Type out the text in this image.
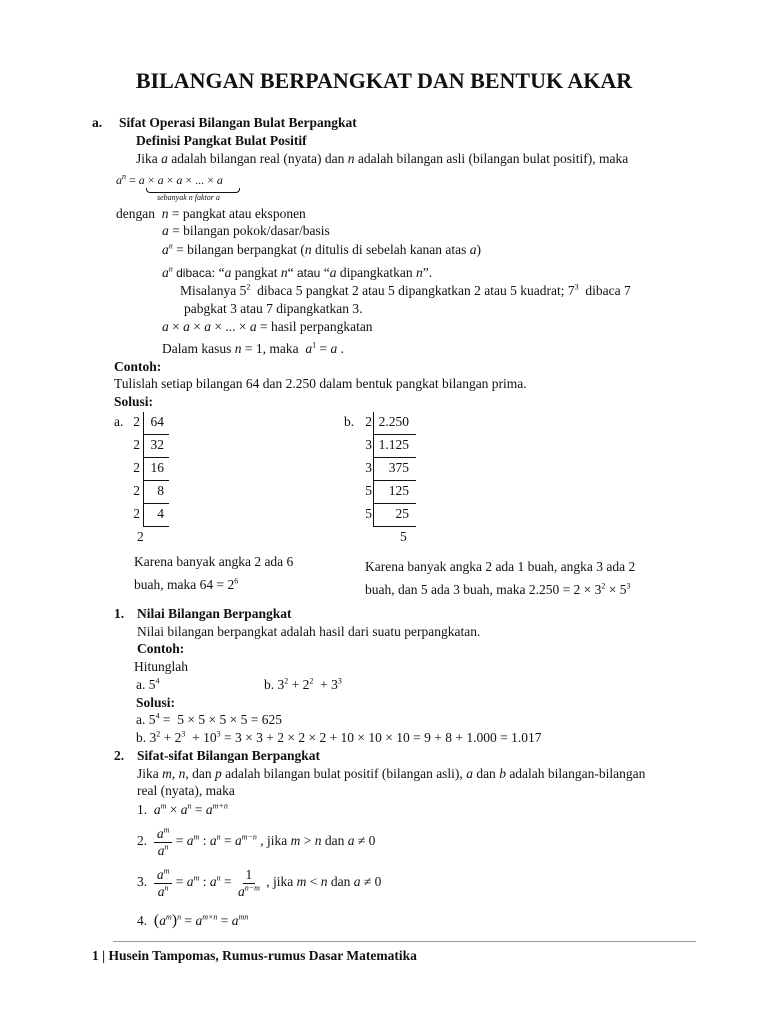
BILANGAN BERPANGKAT DAN BENTUK AKAR
a. Sifat Operasi Bilangan Bulat Berpangkat
Definisi Pangkat Bulat Positif
Jika a adalah bilangan real (nyata) dan n adalah bilangan asli (bilangan bulat positif), maka
$a^n = a \times a \times a$ × ... × a
sebanyak n faktor a
dengan  n = pangkat atau eksponen
a = bilangan pokok/dasar/basis
$a^n$ = bilangan berpangkat (n ditulis di sebelah kanan atas a)
$a^n$ dibaca: “a pangkat n“ atau “a dipangkatkan n”.
Misalanya $5^2$  dibaca 5 pangkat 2 atau 5 dipangkatkan 2 atau 5 kuadrat; $7^3$  dibaca 7
pabgkat 3 atau 7 dipangkatkan 3.
a × a × a × ... × a = hasil perpangkatan
Dalam kasus n = 1, maka  $a^1 = a$ .
Contoh:
Tulislah setiap bilangan 64 dan 2.250 dalam bentuk pangkat bilangan prima.
Solusi:
a. 2 64
2 32
2 16
2	8
2	4
2
Karena banyak angka 2 ada 6
buah, maka $64 = 2^6$
b. 2 2.250
3 1.125
3	375
5	125
5	25
5
Karena banyak angka 2 ada 1 buah, angka 3 ada 2
buah, dan 5 ada 3 buah, maka $2.250 = 2 \times 3^2 \times 5^3$
1. Nilai Bilangan Berpangkat
Nilai bilangan berpangkat adalah hasil dari suatu perpangkatan.
Contoh:
Hitunglah
a. $5^4$	b. $3^2 + 2^2 + 3^3$
Solusi:
a. $5^4 = 5 \times 5 \times 5 \times 5 = 625$
b. $3^2 + 2^3 + 10^3 = 3 \times 3 + 2 \times 2 \times 2 + 10 \times 10 \times 10 = 9 + 8 + 1.000 = 1.017$
2. Sifat-sifat Bilangan Berpangkat
Jika m, n, dan p adalah bilangan bulat positif (bilangan asli), a dan b adalah bilangan-bilangan
real (nyata), maka
1.  $a^m \times a^n = a^{m+n}$
2. $\frac{a^m}{a^n} = a^m$ : $a^n = a^{m-n}$ , jika m > n dan a ≠ 0
3. $\frac{a^m}{a^n} = a^m$ : $a^n = \frac{1}{a^{n-m}}$ , jika m < n dan a ≠ 0
4.  $(a^m)^n = a^{m\times n} = a^{mn}$
1 | Husein Tampomas, Rumus-rumus Dasar Matematika
